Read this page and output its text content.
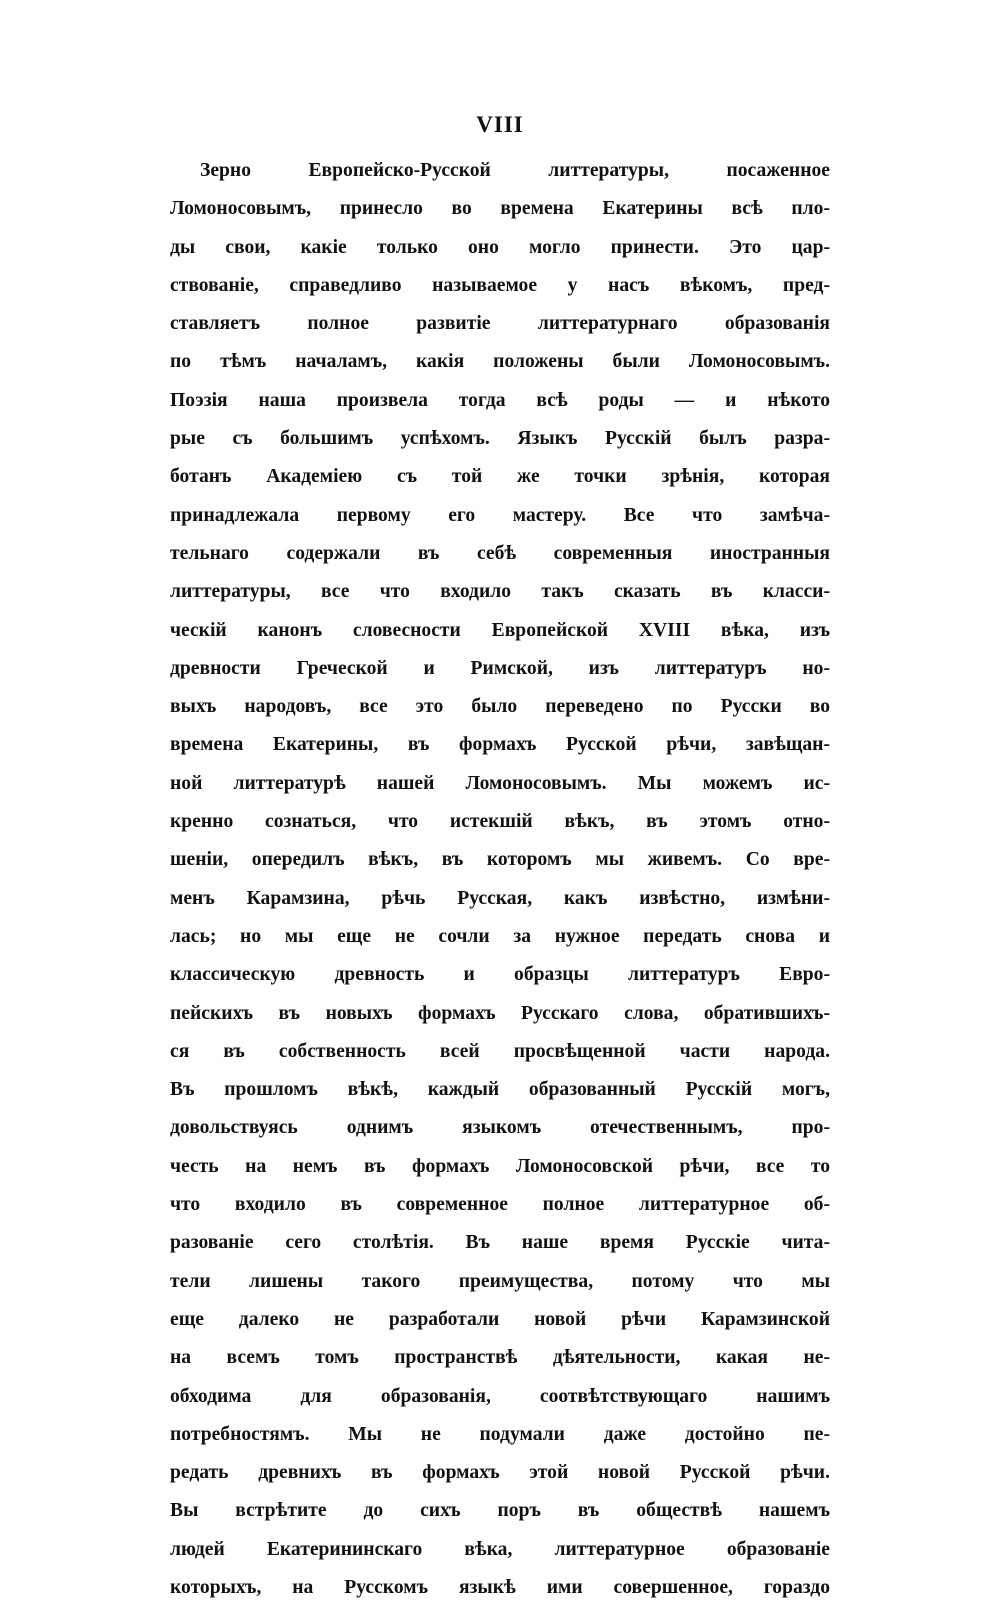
VIII
Зерно Европейско-Русской литтературы, посаженное
Ломоносовымъ, принесло во времена Екатерины всѣ пло-
ды свои, какіе только оно могло принести. Это цар-
ствованіе, справедливо называемое у насъ вѣкомъ, пред-
ставляетъ полное развитіе литтературнаго образованія
по тѣмъ началамъ, какія положены были Ломоносовымъ.
Поэзія наша произвела тогда всѣ роды — и нѣкото
рые съ большимъ успѣхомъ. Языкъ Русскій былъ разра-
ботанъ Академіею съ той же точки зрѣнія, которая
принадлежала первому его мастеру. Все что замѣча-
тельнаго содержали въ себѣ современныя иностранныя
литтературы, все что входило такъ сказать въ класси-
ческій канонъ словесности Европейской XVIII вѣка, изъ
древности Греческой и Римской, изъ литтературъ но-
выхъ народовъ, все это было переведено по Русски во
времена Екатерины, въ формахъ Русской рѣчи, завѣщан-
ной литтературѣ нашей Ломоносовымъ. Мы можемъ ис-
кренно сознаться, что истекшій вѣкъ, въ этомъ отно-
шеніи, опередилъ вѣкъ, въ которомъ мы живемъ. Со вре-
менъ Карамзина, рѣчь Русская, какъ извѣстно, измѣни-
лась; но мы еще не сочли за нужное передать снова и
классическую древность и образцы литтературъ Евро-
пейскихъ въ новыхъ формахъ Русскаго слова, обратившихъ-
ся въ собственность всей просвѣщенной части народа.
Въ прошломъ вѣкѣ, каждый образованный Русскій могъ,
довольствуясь однимъ языкомъ отечественнымъ, про-
честь на немъ въ формахъ Ломоносовской рѣчи, все то
что входило въ современное полное литтературное об-
разованіе сего столѣтія. Въ наше время Русскіе чита-
тели лишены такого преимущества, потому что мы
еще далеко не разработали новой рѣчи Карамзинской
на всемъ томъ пространствѣ дѣятельности, какая не-
обходима для образованія, соотвѣтствующаго нашимъ
потребностямъ. Мы не подумали даже достойно пе-
редать древнихъ въ формахъ этой новой Русской рѣчи.
Вы встрѣтите до сихъ поръ въ обществѣ нашемъ
людей Екатерининскаго вѣка, литтературное образованіе
которыхъ, на Русскомъ языкѣ ими совершенное, гораздо
